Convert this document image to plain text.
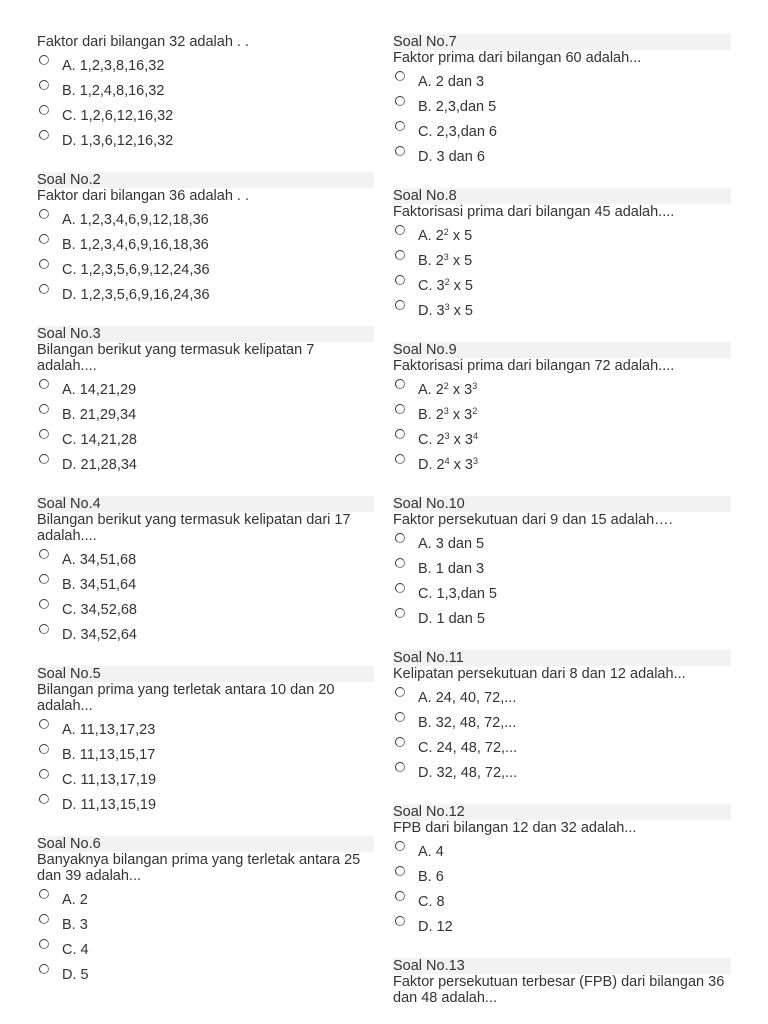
Faktor dari bilangan 32 adalah . .
A. 1,2,3,8,16,32
B. 1,2,4,8,16,32
C. 1,2,6,12,16,32
D. 1,3,6,12,16,32
Soal No.2
Faktor dari bilangan 36 adalah . .
A. 1,2,3,4,6,9,12,18,36
B. 1,2,3,4,6,9,16,18,36
C. 1,2,3,5,6,9,12,24,36
D. 1,2,3,5,6,9,16,24,36
Soal No.3
Bilangan berikut yang termasuk kelipatan 7 adalah....
A. 14,21,29
B. 21,29,34
C. 14,21,28
D. 21,28,34
Soal No.4
Bilangan berikut yang termasuk kelipatan dari 17 adalah....
A. 34,51,68
B. 34,51,64
C. 34,52,68
D. 34,52,64
Soal No.5
Bilangan prima yang terletak antara 10 dan 20 adalah...
A. 11,13,17,23
B. 11,13,15,17
C. 11,13,17,19
D. 11,13,15,19
Soal No.6
Banyaknya bilangan prima yang terletak antara 25 dan 39 adalah...
A. 2
B. 3
C. 4
D. 5
Soal No.7
Faktor prima dari bilangan 60 adalah...
A. 2 dan 3
B. 2,3,dan 5
C. 2,3,dan 6
D. 3 dan 6
Soal No.8
Faktorisasi prima dari bilangan 45 adalah....
A. $2^2$ x 5
B. $2^3$ x 5
C. $3^2$ x 5
D. $3^3$ x 5
Soal No.9
Faktorisasi prima dari bilangan 72 adalah....
A. $2^2$ x $3^3$
B. $2^3$ x $3^2$
C. $2^3$ x $3^4$
D. $2^4$ x $3^3$
Soal No.10
Faktor persekutuan dari 9 dan 15 adalah….
A. 3 dan 5
B. 1 dan 3
C. 1,3,dan 5
D. 1 dan 5
Soal No.11
Kelipatan persekutuan dari 8 dan 12 adalah...
A. 24, 40, 72,...
B. 32, 48, 72,...
C. 24, 48, 72,...
D. 32, 48, 72,...
Soal No.12
FPB dari bilangan 12 dan 32 adalah...
A. 4
B. 6
C. 8
D. 12
Soal No.13
Faktor persekutuan terbesar (FPB) dari bilangan 36 dan 48 adalah...
